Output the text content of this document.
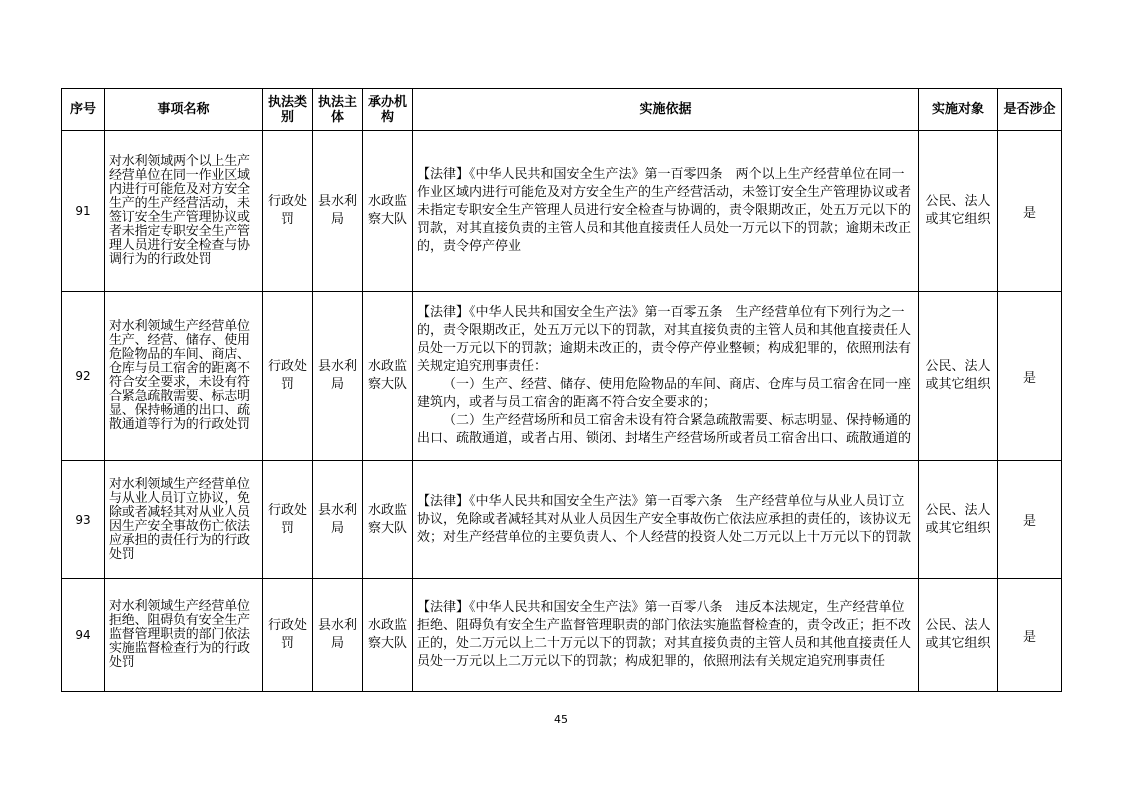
序号	事项名称	执法类别	执法主体	承办机构	实施依据	实施对象	是否涉企
91	对水利领域两个以上生产经营单位在同一作业区域内进行可能危及对方安全生产的生产经营活动，未签订安全生产管理协议或者未指定专职安全生产管理人员进行安全检查与协调行为的行政处罚	行政处罚	县水利局	水政监察大队	【法律】《中华人民共和国安全生产法》第一百零四条　两个以上生产经营单位在同一作业区域内进行可能危及对方安全生产的生产经营活动，未签订安全生产管理协议或者未指定专职安全生产管理人员进行安全检查与协调的，责令限期改正，处五万元以下的罚款，对其直接负责的主管人员和其他直接责任人员处一万元以下的罚款；逾期未改正的，责令停产停业	公民、法人或其它组织	是
92	对水利领域生产经营单位生产、经营、储存、使用危险物品的车间、商店、仓库与员工宿舍的距离不符合安全要求，未设有符合紧急疏散需要、标志明显、保持畅通的出口、疏散通道等行为的行政处罚	行政处罚	县水利局	水政监察大队	【法律】《中华人民共和国安全生产法》第一百零五条　生产经营单位有下列行为之一的，责令限期改正，处五万元以下的罚款，对其直接负责的主管人员和其他直接责任人员处一万元以下的罚款；逾期未改正的，责令停产停业整顿；构成犯罪的，依照刑法有关规定追究刑事责任：
（一）生产、经营、储存、使用危险物品的车间、商店、仓库与员工宿舍在同一座建筑内，或者与员工宿舍的距离不符合安全要求的；
（二）生产经营场所和员工宿舍未设有符合紧急疏散需要、标志明显、保持畅通的出口、疏散通道，或者占用、锁闭、封堵生产经营场所或者员工宿舍出口、疏散通道的	公民、法人或其它组织	是
93	对水利领域生产经营单位与从业人员订立协议，免除或者减轻其对从业人员因生产安全事故伤亡依法应承担的责任行为的行政处罚	行政处罚	县水利局	水政监察大队	【法律】《中华人民共和国安全生产法》第一百零六条　生产经营单位与从业人员订立协议，免除或者减轻其对从业人员因生产安全事故伤亡依法应承担的责任的，该协议无效；对生产经营单位的主要负责人、个人经营的投资人处二万元以上十万元以下的罚款	公民、法人或其它组织	是
94	对水利领域生产经营单位拒绝、阻碍负有安全生产监督管理职责的部门依法实施监督检查行为的行政处罚	行政处罚	县水利局	水政监察大队	【法律】《中华人民共和国安全生产法》第一百零八条　违反本法规定，生产经营单位拒绝、阻碍负有安全生产监督管理职责的部门依法实施监督检查的，责令改正；拒不改正的，处二万元以上二十万元以下的罚款；对其直接负责的主管人员和其他直接责任人员处一万元以上二万元以下的罚款；构成犯罪的，依照刑法有关规定追究刑事责任	公民、法人或其它组织	是
45
